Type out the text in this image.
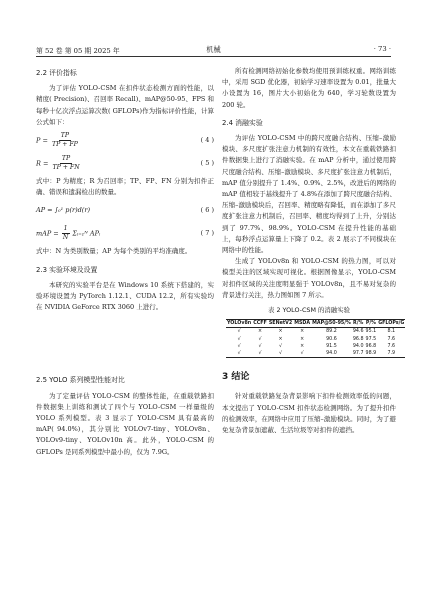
第 52 卷 第 05 期 2025 年	机械	· 73 ·
2.2 评价指标

为了评估 YOLO-CSM 在扣件状态检测方面的性能，以精度( Precision)、召回率 Recall)、mAP@50-95、FPS 和每秒十亿次浮点运算次数( GFLOPs)作为指标评价性能，计算公式如下：

$P = \frac{TP}{TP + FP}$	( 4 )
$R = \frac{TP}{TP + FN}$	( 5 )

式中：P 为精度；R 为召回率；TP、FP、FN 分别为扣件正确、错误和遗漏检出的数量。

AP = ∫₀¹ p(r)d(r)	( 6 )
mAP = $\frac{1}{N}$ Σᵢ₌₁ᴺ APᵢ	( 7 )

式中：N 为类别数量；AP 为每个类别的平均准确度。

2.3 实验环境及设置

本研究的实验平台是在 Windows 10 系统下搭建的，实验环境设置为 PyTorch 1.12.1、CUDA 12.2，所有实验均在 NVIDIA GeForce RTX 3060 上进行。

2.5 YOLO 系列模型性能对比

为了定量评估 YOLO-CSM 的整体性能，在重载铁路扣件数据集上训练和测试了四个与 YOLO-CSM 一样量级的 YOLO 系列模型。表 3 显示了 YOLO-CSM 具有最高的 mAP( 94.0%)，其分别比 YOLOv7-tiny、YOLOv8n、YOLOv9-tiny、YOLOv10n 高。此外，YOLO-CSM 的 GFLOPs 是同系列模型中最小的，仅为 7.9G。

所有检测网络初始化参数均使用预训练权重。网络训练中，采用 SGD 优化器，初始学习速率设置为 0.01，批量大小设置为 16，图片大小初始化为 640，学习轮数设置为 200 轮。

2.4 消融实验

为评估 YOLO-CSM 中的跨尺度融合结构、压缩–激励模块、多尺度扩张注意力机制的有效性，本文在重载铁路扣件数据集上进行了消融实验。在 mAP 分析中，通过使用跨尺度融合结构、压缩–激励模块、多尺度扩张注意力机制后，mAP 值分别提升了 1.4%、0.9%、2.5%，改进后的网络的 mAP 值相较于基线提升了 4.8%在添加了跨尺度融合结构、压缩–激励模块后，召回率、精度略有降低，而在添加了多尺度扩张注意力机制后，召回率、精度均得到了上升，分别达到了 97.7%、98.9%。YOLO-CSM 在提升性能的基础上，每秒浮点运算量上下降了 0.2。表 2 展示了不同模块在网络中的性能。

生成了 YOLOv8n 和 YOLO-CSM 的热力图，可以对模型关注的区域实现可视化。根据图像显示，YOLO-CSM 对扣件区域的关注度明显强于 YOLOv8n，且不易对复杂的背景进行关注，热力图如图 7 所示。

表 2 YOLO-CSM 的消融实验
YOLOv8n	CCFF	SENetV2	MSDA	MAP@50-95/%	R/%	P/%	GFLOPs/G
√	×	×	×	89.2	94.6	95.1	8.1
√	√	×	×	90.6	96.8	97.5	7.6
√	√	√	×	91.5	94.0	96.8	7.6
√	√	√	√	94.0	97.7	98.9	7.9
3 结论

针对重载铁路复杂背景影响下扣件检测效率低的问题，本文提出了 YOLO-CSM 扣件状态检测网络。为了提升扣件的检测效率，在网络中应用了压缩–激励模块。同时，为了避免复杂背景加遮蔽、生活垃圾等对扣件的遮挡。
